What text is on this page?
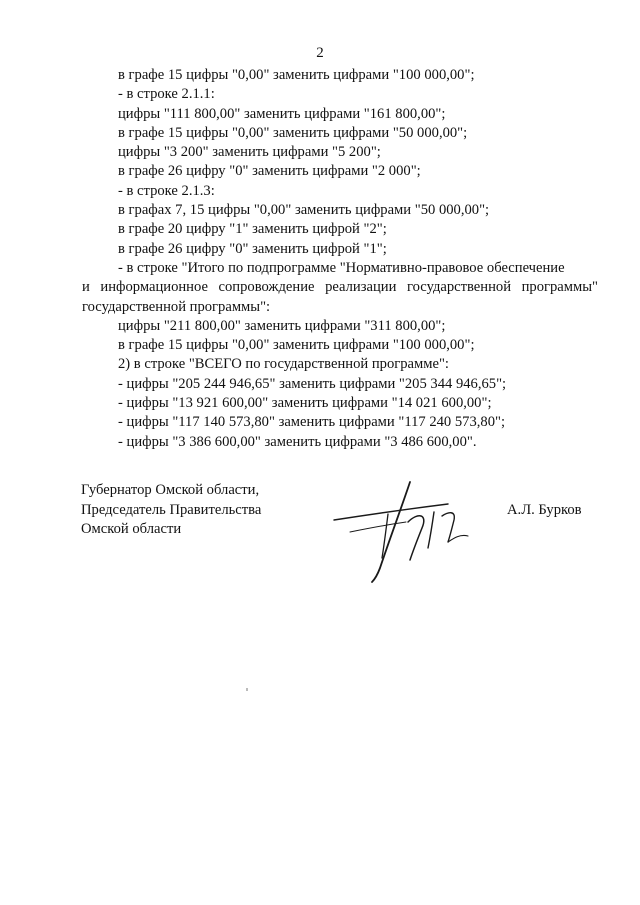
2
в графе 15 цифры "0,00" заменить цифрами "100 000,00";
- в строке 2.1.1:
цифры "111 800,00" заменить цифрами "161 800,00";
в графе 15 цифры "0,00" заменить цифрами "50 000,00";
цифры "3 200" заменить цифрами "5 200";
в графе 26 цифру "0" заменить цифрами "2 000";
- в строке 2.1.3:
в графах 7, 15 цифры "0,00" заменить цифрами "50 000,00";
в графе 20 цифру "1" заменить цифрой "2";
в графе 26 цифру "0" заменить цифрой "1";
- в строке "Итого по подпрограмме "Нормативно-правовое обеспечение
и информационное сопровождение реализации государственной программы"
государственной программы":
цифры "211 800,00" заменить цифрами "311 800,00";
в графе 15 цифры "0,00" заменить цифрами "100 000,00";
2) в строке "ВСЕГО по государственной программе":
- цифры "205 244 946,65" заменить цифрами "205 344 946,65";
- цифры "13 921 600,00" заменить цифрами "14 021 600,00";
- цифры "117 140 573,80" заменить цифрами "117 240 573,80";
- цифры "3 386 600,00" заменить цифрами "3 486 600,00".
Губернатор Омской области,
Председатель Правительства
Омской области
А.Л. Бурков
